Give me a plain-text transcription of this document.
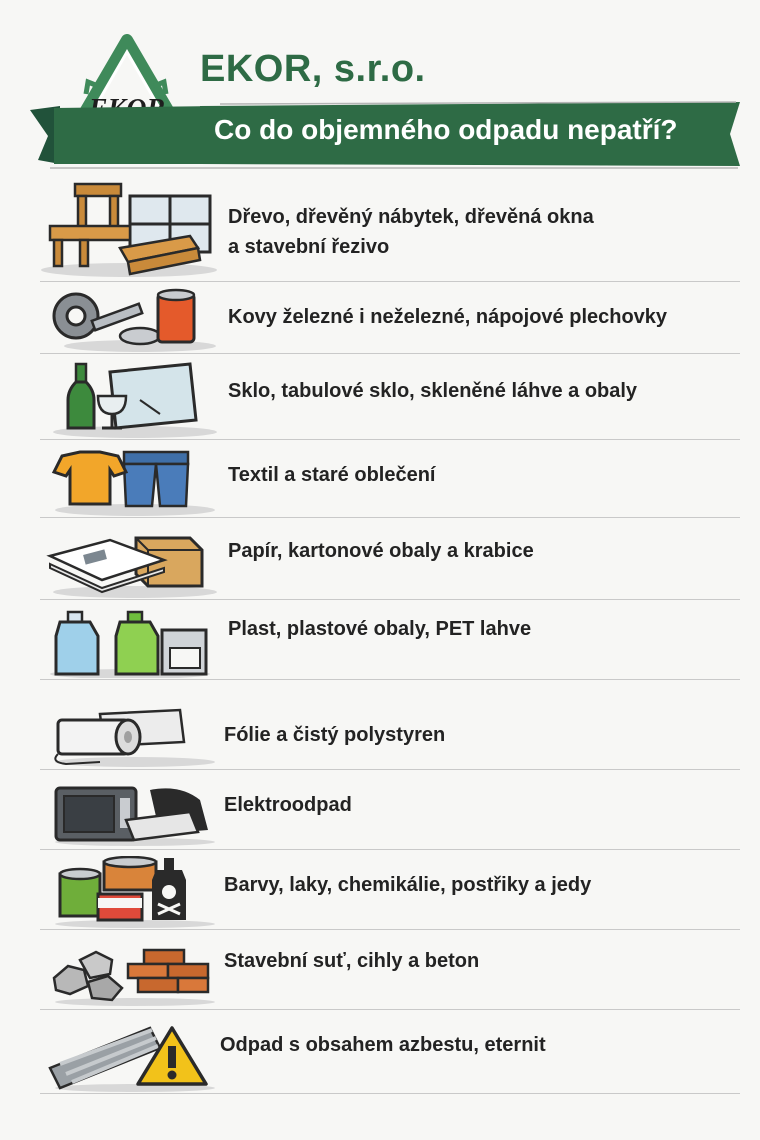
EKOR, s.r.o.
Co do objemného odpadu nepatří?
Dřevo, dřevěný nábytek, dřevěná okna
a stavební řezivo
Kovy železné i neželezné, nápojové plechovky
Sklo, tabulové sklo, skleněné láhve a obaly
Textil a staré oblečení
Papír, kartonové obaly a krabice
Plast, plastové obaly, PET lahve
Fólie a čistý polystyren
Elektroodpad
Barvy, laky, chemikálie, postřiky a jedy
Stavební suť, cihly a beton
Odpad s obsahem azbestu, eternit
